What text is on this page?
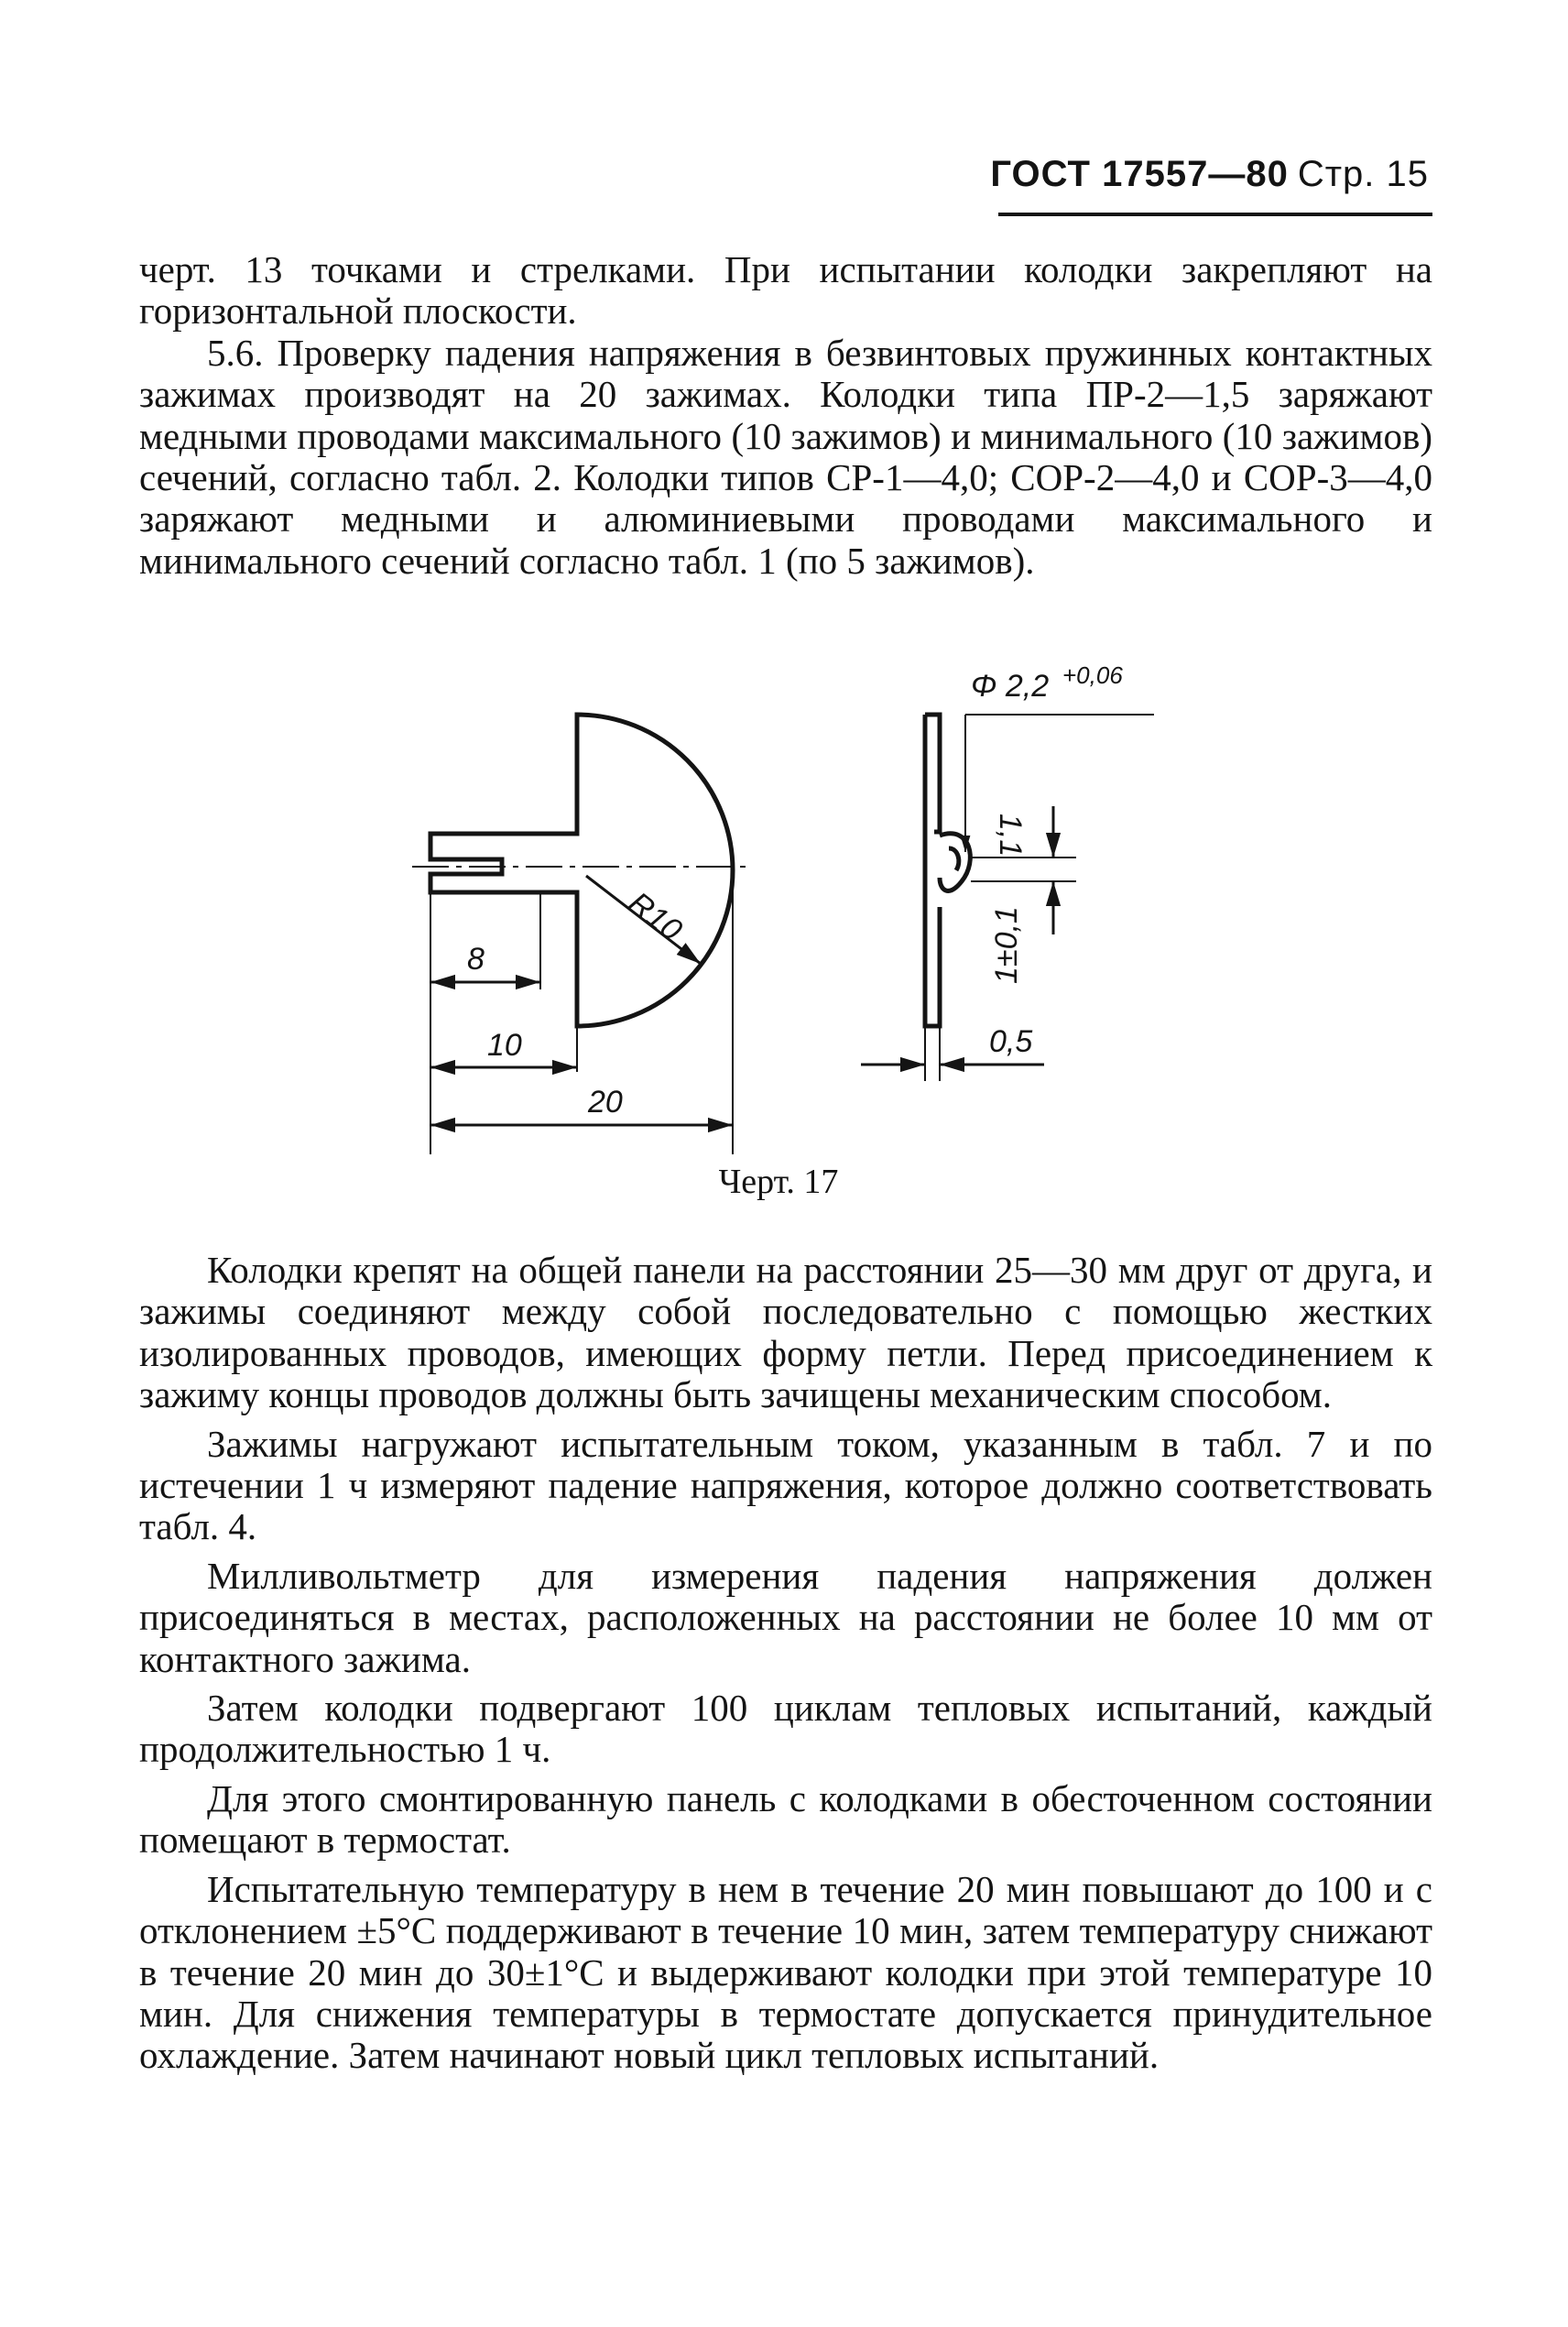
ГОСТ 17557—80 Стр. 15

черт. 13 точками и стрелками. При испытании колодки закрепляют на горизонтальной плоскости.

5.6. Проверку падения напряжения в безвинтовых пружинных контактных зажимах производят на 20 зажимах. Колодки типа ПР-2—1,5 заряжают медными проводами максимального (10 зажимов) и минимального (10 зажимов) сечений, согласно табл. 2. Колодки типов СР-1—4,0; СОР-2—4,0 и СОР-3—4,0 заряжают медными и алюминиевыми проводами максимального и минимального сечений согласно табл. 1 (по 5 зажимов).

R10
8
10
20
Φ 2,2 +0,06
1,1
1±0,1
0,5
Черт. 17

Колодки крепят на общей панели на расстоянии 25—30 мм друг от друга, и зажимы соединяют между собой последовательно с помощью жестких изолированных проводов, имеющих форму петли. Перед присоединением к зажиму концы проводов должны быть зачищены механическим способом.

Зажимы нагружают испытательным током, указанным в табл. 7 и по истечении 1 ч измеряют падение напряжения, которое должно соответствовать табл. 4.

Милливольтметр для измерения падения напряжения должен присоединяться в местах, расположенных на расстоянии не более 10 мм от контактного зажима.

Затем колодки подвергают 100 циклам тепловых испытаний, каждый продолжительностью 1 ч.

Для этого смонтированную панель с колодками в обесточенном состоянии помещают в термостат.

Испытательную температуру в нем в течение 20 мин повышают до 100 и с отклонением ±5°C поддерживают в течение 10 мин, затем температуру снижают в течение 20 мин до 30±1°C и выдерживают колодки при этой температуре 10 мин. Для снижения температуры в термостате допускается принудительное охлаждение. Затем начинают новый цикл тепловых испытаний.
